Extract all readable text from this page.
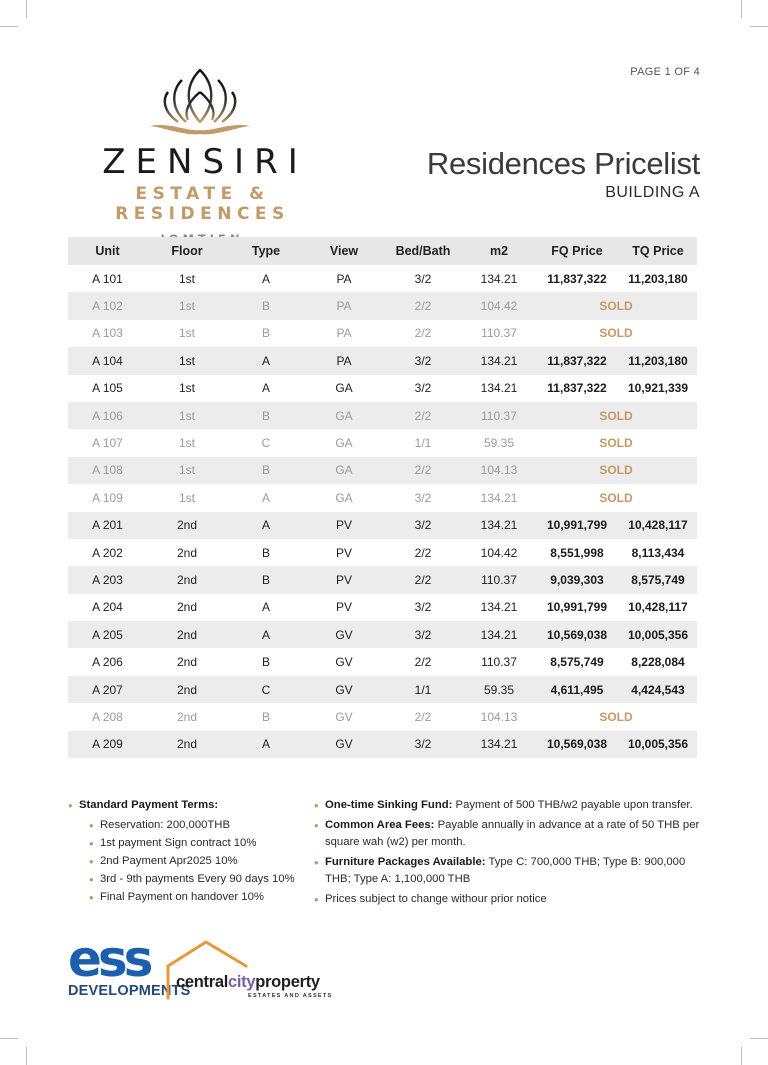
PAGE 1 OF 4
ZENSIRI
ESTATE & RESIDENCES
Residences Pricelist
BUILDING A
Unit	Floor	Type	View	Bed/Bath	m2	FQ Price	TQ Price
A 101	1st	A	PA	3/2	134.21	11,837,322	11,203,180
A 102	1st	B	PA	2/2	104.42	SOLD	
A 103	1st	B	PA	2/2	110.37	SOLD	
A 104	1st	A	PA	3/2	134.21	11,837,322	11,203,180
A 105	1st	A	GA	3/2	134.21	11,837,322	10,921,339
A 106	1st	B	GA	2/2	110.37	SOLD	
A 107	1st	C	GA	1/1	59.35	SOLD	
A 108	1st	B	GA	2/2	104.13	SOLD	
A 109	1st	A	GA	3/2	134.21	SOLD	
A 201	2nd	A	PV	3/2	134.21	10,991,799	10,428,117
A 202	2nd	B	PV	2/2	104.42	8,551,998	8,113,434
A 203	2nd	B	PV	2/2	110.37	9,039,303	8,575,749
A 204	2nd	A	PV	3/2	134.21	10,991,799	10,428,117
A 205	2nd	A	GV	3/2	134.21	10,569,038	10,005,356
A 206	2nd	B	GV	2/2	110.37	8,575,749	8,228,084
A 207	2nd	C	GV	1/1	59.35	4,611,495	4,424,543
A 208	2nd	B	GV	2/2	104.13	SOLD	
A 209	2nd	A	GV	3/2	134.21	10,569,038	10,005,356
• Standard Payment Terms:
• Reservation: 200,000THB
• 1st payment Sign contract 10%
• 2nd Payment Apr2025 10%
• 3rd - 9th payments Every 90 days 10%
• Final Payment on handover 10%
• One-time Sinking Fund: Payment of 500 THB/w2 payable upon transfer.
• Common Area Fees: Payable annually in advance at a rate of 50 THB per square wah (w2) per month.
• Furniture Packages Available: Type C: 700,000 THB; Type B: 900,000 THB; Type A: 1,100,000 THB
• Prices subject to change withour prior notice
ess
DEVELOPMENTS
centralcityproperty
ESTATES AND ASSETS
